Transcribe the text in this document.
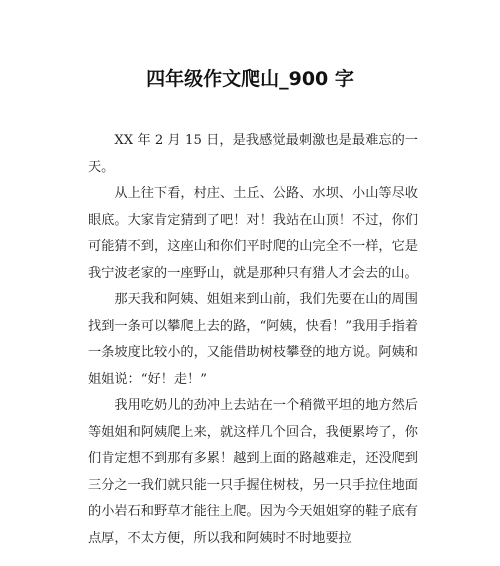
四年级作文爬山_900 字

XX 年 2 月 15 日，是我感觉最刺激也是最难忘的一天。

从上往下看，村庄、土丘、公路、水坝、小山等尽收眼底。大家肯定猜到了吧！对！我站在山顶！不过，你们可能猜不到，这座山和你们平时爬的山完全不一样，它是我宁波老家的一座野山，就是那种只有猎人才会去的山。

那天我和阿姨、姐姐来到山前，我们先要在山的周围找到一条可以攀爬上去的路，“阿姨，快看！”我用手指着一条坡度比较小的，又能借助树枝攀登的地方说。阿姨和姐姐说：“好！走！”

我用吃奶儿的劲冲上去站在一个稍微平坦的地方然后等姐姐和阿姨爬上来，就这样几个回合，我便累垮了，你们肯定想不到那有多累！越到上面的路越难走，还没爬到三分之一我们就只能一只手握住树枝，另一只手拉住地面的小岩石和野草才能往上爬。因为今天姐姐穿的鞋子底有点厚，不太方便，所以我和阿姨时不时地要拉
